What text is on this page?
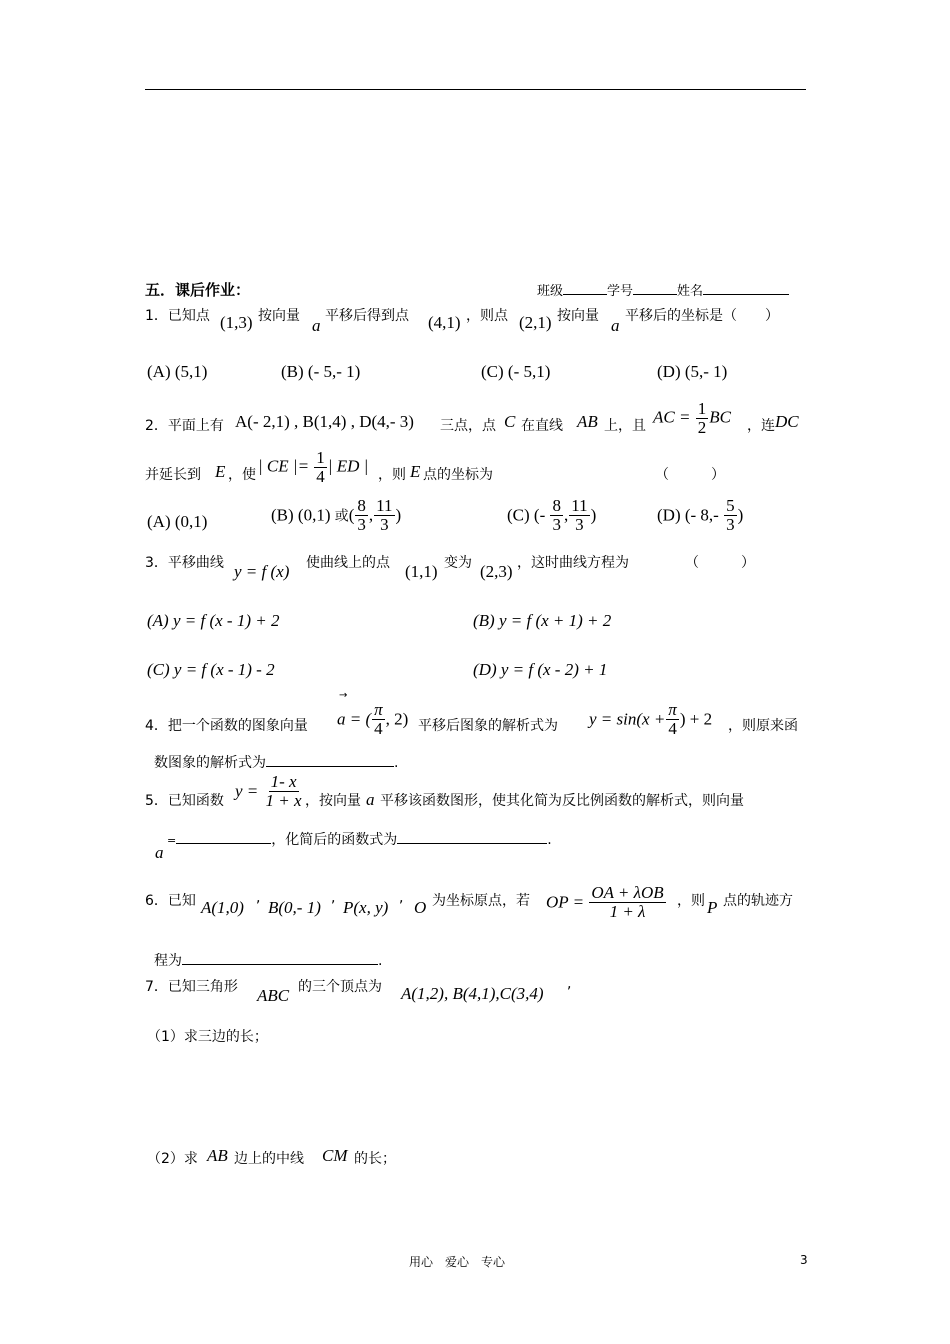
五．课后作业：	班级	学号	姓名
1．已知点 (1,3) 按向量 a 平移后得到点 (4,1) ，则点 (2,1) 按向量 a 平移后的坐标是（　　）
(A) (5,1)	(B) (- 5,- 1)	(C) (- 5,1)	(D) (5,- 1)
2．平面上有 A(- 2,1) , B(1,4) , D(4,- 3) 三点，点 C 在直线 AB 上，且 AC = $\frac{1}{2}$ BC ，连 DC
并延长到 E ，使 | CE |= $\frac{1}{4}$ | ED | ，则 E 点的坐标为	（　　　）
(A) (0,1)	(B) (0,1) 或( $\frac{8}{3}$ , $\frac{11}{3}$ )	(C) (- $\frac{8}{3}$ , $\frac{11}{3}$ )	(D) (- $8,- \frac{5}{3}$ )
3．平移曲线 y = f (x) 使曲线上的点 (1,1) 变为 (2,3) ，这时曲线方程为	（　　　）
(A) y = f (x - 1) + 2	(B) y = f (x + 1) + 2
(C) y = f (x - 1) - 2	(D) y = f (x - 2) + 1
4．把一个函数的图象向量
→
a = ( $\frac{\pi}{4}$ , 2) 平移后图象的解析式为 $y = \sin(x + \frac{\pi}{4}$ ) + 2 ，则原来函
数图象的解析式为	.
5．已知函数
$y = \frac{1- x}{1 + x}$ ，按向量 a 平移该函数图形，使其化简为反比例函数的解析式，则向量
a
=	，化简后的函数式为	.
6．已知 A(1,0) , B(0,- 1) , P(x, y) , O 为坐标原点，若 OP = $\frac{\text{OA + λOB}}{1 + \lambda}$ ，则 P 点的轨迹方
程为	.
7．已知三角形 ABC 的三个顶点为 A(1,2), B(4,1),C(3,4) ,
（1）求三边的长；
（2）求 AB 边上的中线 CM 的长；
用心　爱心　专心	3
